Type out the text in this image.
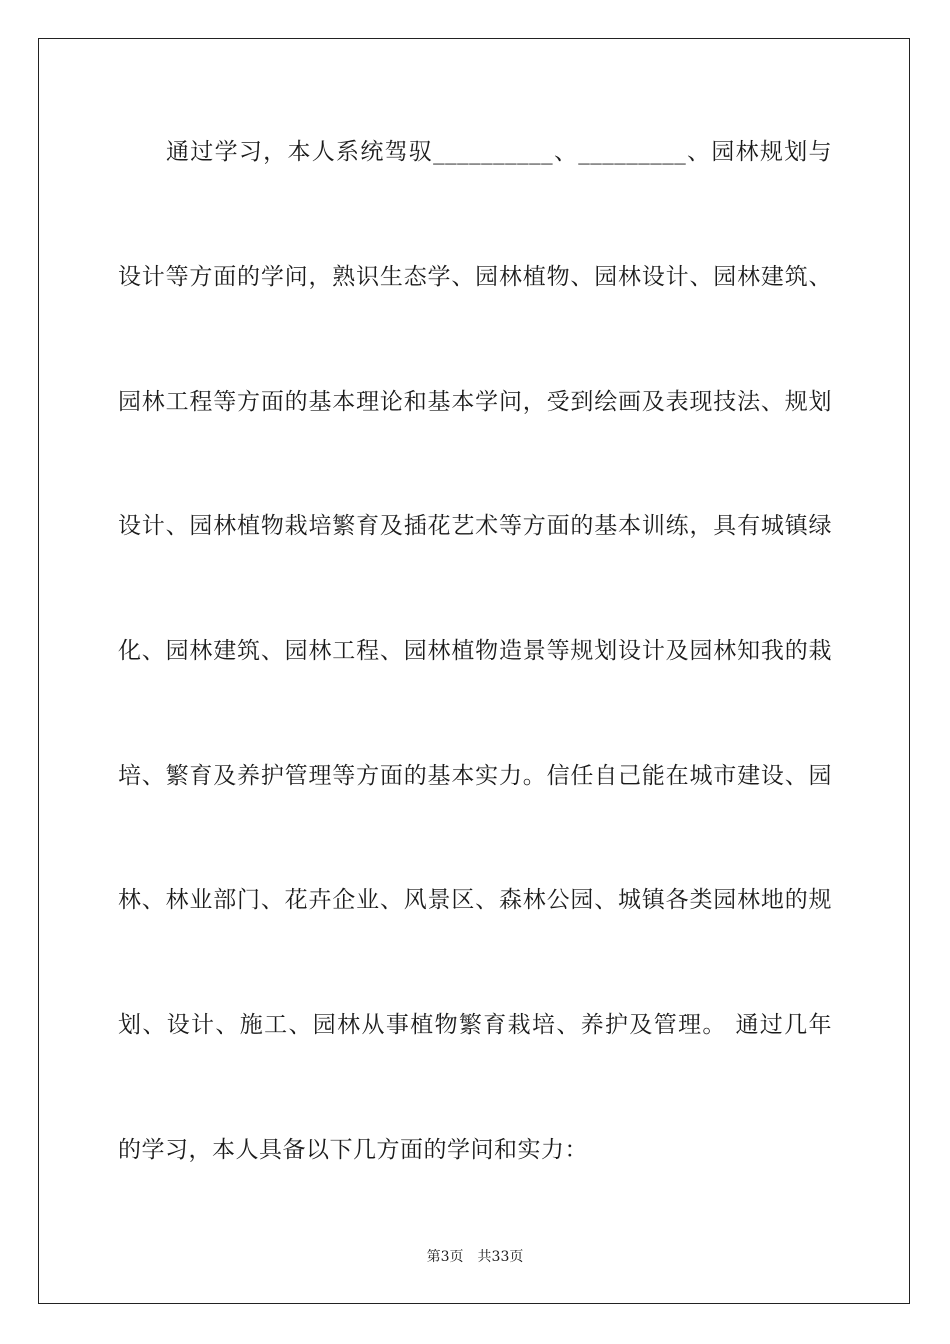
通过学习，本人系统驾驭__________、_________、园林规划与
设计等方面的学问，熟识生态学、园林植物、园林设计、园林建筑、
园林工程等方面的基本理论和基本学问，受到绘画及表现技法、规划
设计、园林植物栽培繁育及插花艺术等方面的基本训练，具有城镇绿
化、园林建筑、园林工程、园林植物造景等规划设计及园林知我的栽
培、繁育及养护管理等方面的基本实力。信任自己能在城市建设、园
林、林业部门、花卉企业、风景区、森林公园、城镇各类园林地的规
划、设计、施工、园林从事植物繁育栽培、养护及管理。 通过几年
的学习，本人具备以下几方面的学问和实力：
第3页　共33页
